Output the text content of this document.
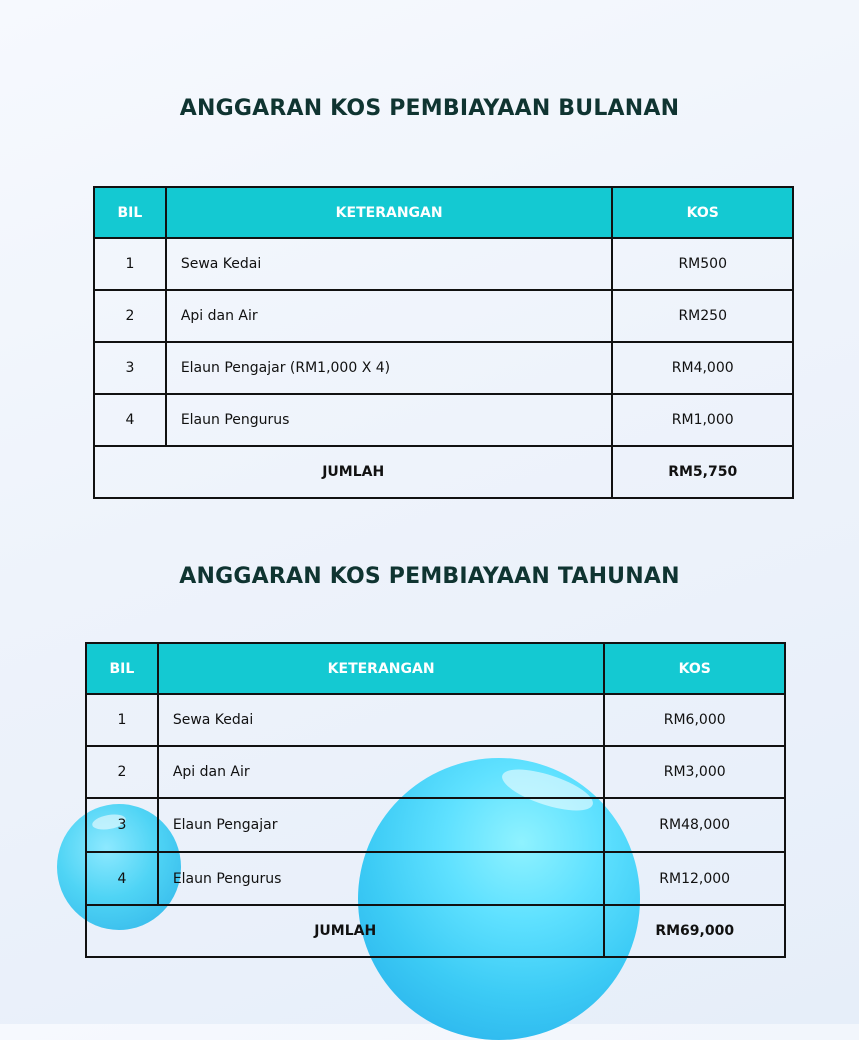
ANGGARAN KOS PEMBIAYAAN BULANAN
BIL	KETERANGAN	KOS
1	Sewa Kedai	RM500
2	Api dan Air	RM250
3	Elaun Pengajar (RM1,000 X 4)	RM4,000
4	Elaun Pengurus	RM1,000
JUMLAH		RM5,750
ANGGARAN KOS PEMBIAYAAN TAHUNAN
BIL	KETERANGAN	KOS
1	Sewa Kedai	RM6,000
2	Api dan Air	RM3,000
3	Elaun Pengajar	RM48,000
4	Elaun Pengurus	RM12,000
JUMLAH		RM69,000
